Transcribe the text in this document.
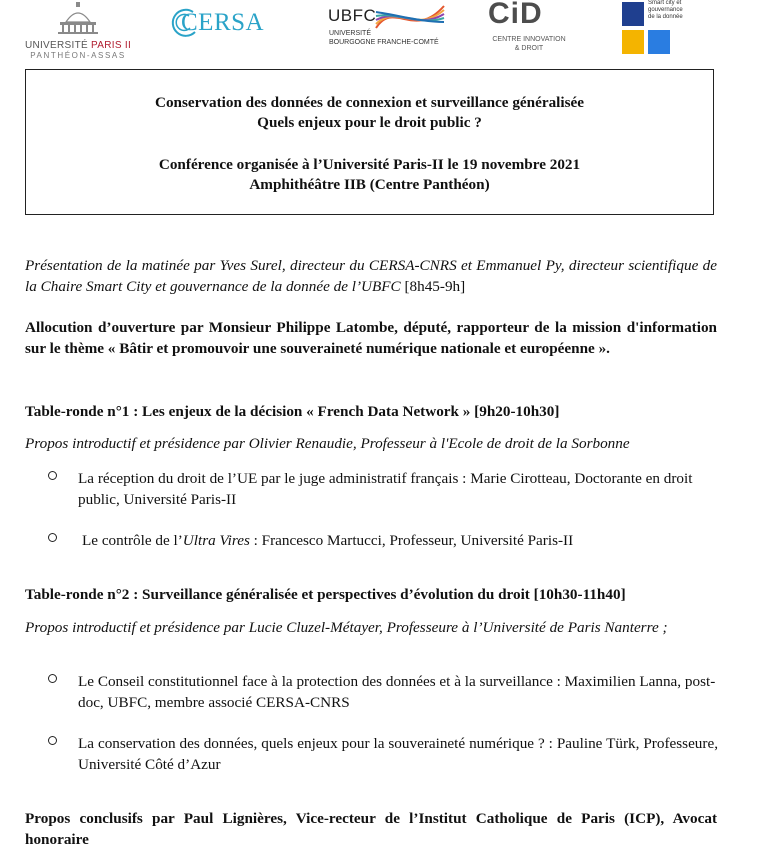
UNIVERSITÉ PARIS II
PANTHÉON-ASSAS
CERSA	UBFC
UNIVERSITÉ
BOURGOGNE FRANCHE-COMTÉ
CiD
CENTRE INNOVATION
& DROIT
Smart city et
gouvernance
de la donnée
Conservation des données de connexion et surveillance généralisée
Quels enjeux pour le droit public ?
Conférence organisée à l’Université Paris-II le 19 novembre 2021
Amphithéâtre IIB (Centre Panthéon)
Présentation de la matinée par Yves Surel, directeur du CERSA-CNRS et Emmanuel Py, directeur scientifique de la Chaire Smart City et gouvernance de la donnée de l’UBFC [8h45-9h]
Allocution d’ouverture par Monsieur Philippe Latombe, député, rapporteur de la mission d'information sur le thème « Bâtir et promouvoir une souveraineté numérique nationale et européenne ».
Table-ronde n°1 : Les enjeux de la décision « French Data Network » [9h20-10h30]
Propos introductif et présidence par Olivier Renaudie, Professeur à l'Ecole de droit de la Sorbonne
La réception du droit de l’UE par le juge administratif français : Marie Cirotteau, Doctorante en droit public, Université Paris-II
Le contrôle de l’Ultra Vires : Francesco Martucci, Professeur, Université Paris-II
Table-ronde n°2 : Surveillance généralisée et perspectives d’évolution du droit [10h30-11h40]
Propos introductif et présidence par Lucie Cluzel-Métayer, Professeure à l’Université de Paris Nanterre ;
Le Conseil constitutionnel face à la protection des données et à la surveillance : Maximilien Lanna, post-doc, UBFC, membre associé CERSA-CNRS
La conservation des données, quels enjeux pour la souveraineté numérique ? : Pauline Türk, Professeure, Université Côté d’Azur
Propos conclusifs par Paul Lignières, Vice-recteur de l’Institut Catholique de Paris (ICP), Avocat honoraire
